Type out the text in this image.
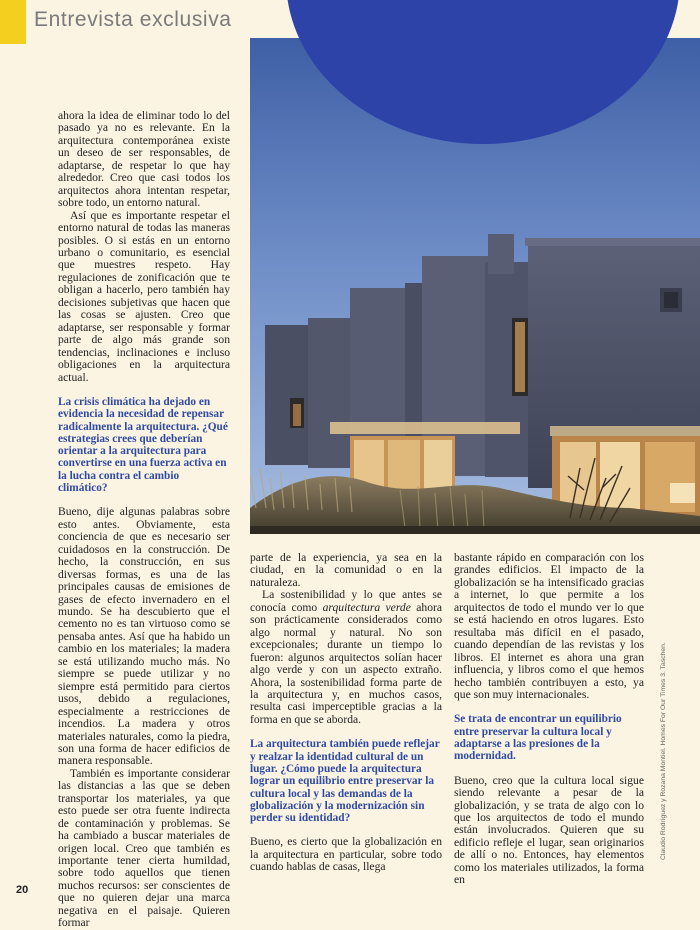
Entrevista exclusiva

ahora la idea de eliminar todo lo del pasado ya no es relevante. En la arquitectura contemporánea existe un deseo de ser responsables, de adaptarse, de respetar lo que hay alrededor. Creo que casi todos los arquitectos ahora intentan respetar, sobre todo, un entorno natural.

Así que es importante respetar el entorno natural de todas las maneras posibles. O si estás en un entorno urbano o comunitario, es esencial que muestres respeto. Hay regulaciones de zonificación que te obligan a hacerlo, pero también hay decisiones subjetivas que hacen que las cosas se ajusten. Creo que adaptarse, ser responsable y formar parte de algo más grande son tendencias, inclinaciones e incluso obligaciones en la arquitectura actual.

La crisis climática ha dejado en evidencia la necesidad de repensar radicalmente la arquitectura. ¿Qué estrategias crees que deberían orientar a la arquitectura para convertirse en una fuerza activa en la lucha contra el cambio climático?

Bueno, dije algunas palabras sobre esto antes. Obviamente, esta conciencia de que es necesario ser cuidadosos en la construcción. De hecho, la construcción, en sus diversas formas, es una de las principales causas de emisiones de gases de efecto invernadero en el mundo. Se ha descubierto que el cemento no es tan virtuoso como se pensaba antes. Así que ha habido un cambio en los materiales; la madera se está utilizando mucho más. No siempre se puede utilizar y no siempre está permitido para ciertos usos, debido a regulaciones, especialmente a restricciones de incendios. La madera y otros materiales naturales, como la piedra, son una forma de hacer edificios de manera responsable.

También es importante considerar las distancias a las que se deben transportar los materiales, ya que esto puede ser otra fuente indirecta de contaminación y problemas. Se ha cambiado a buscar materiales de origen local. Creo que también es importante tener cierta humildad, sobre todo aquellos que tienen muchos recursos: ser conscientes de que no quieren dejar una marca negativa en el paisaje. Quieren formar

parte de la experiencia, ya sea en la ciudad, en la comunidad o en la naturaleza.

La sostenibilidad y lo que antes se conocía como arquitectura verde ahora son prácticamente considerados como algo normal y natural. No son excepcionales; durante un tiempo lo fueron: algunos arquitectos solían hacer algo verde y con un aspecto extraño. Ahora, la sostenibilidad forma parte de la arquitectura y, en muchos casos, resulta casi imperceptible gracias a la forma en que se aborda.

La arquitectura también puede reflejar y realzar la identidad cultural de un lugar. ¿Cómo puede la arquitectura lograr un equilibrio entre preservar la cultura local y las demandas de la globalización y la modernización sin perder su identidad?

Bueno, es cierto que la globalización en la arquitectura en particular, sobre todo cuando hablas de casas, llega

bastante rápido en comparación con los grandes edificios. El impacto de la globalización se ha intensificado gracias a internet, lo que permite a los arquitectos de todo el mundo ver lo que se está haciendo en otros lugares. Esto resultaba más difícil en el pasado, cuando dependían de las revistas y los libros. El internet es ahora una gran influencia, y libros como el que hemos hecho también contribuyen a esto, ya que son muy internacionales.

Se trata de encontrar un equilibrio entre preservar la cultura local y adaptarse a las presiones de la modernidad.

Bueno, creo que la cultura local sigue siendo relevante a pesar de la globalización, y se trata de algo con lo que los arquitectos de todo el mundo están involucrados. Quieren que su edificio refleje el lugar, sean originarios de allí o no. Entonces, hay elementos como los materiales utilizados, la forma en

Claudio Rodríguez y Rozana Montiel. Homes For Our Times 3. Taschen.
20
